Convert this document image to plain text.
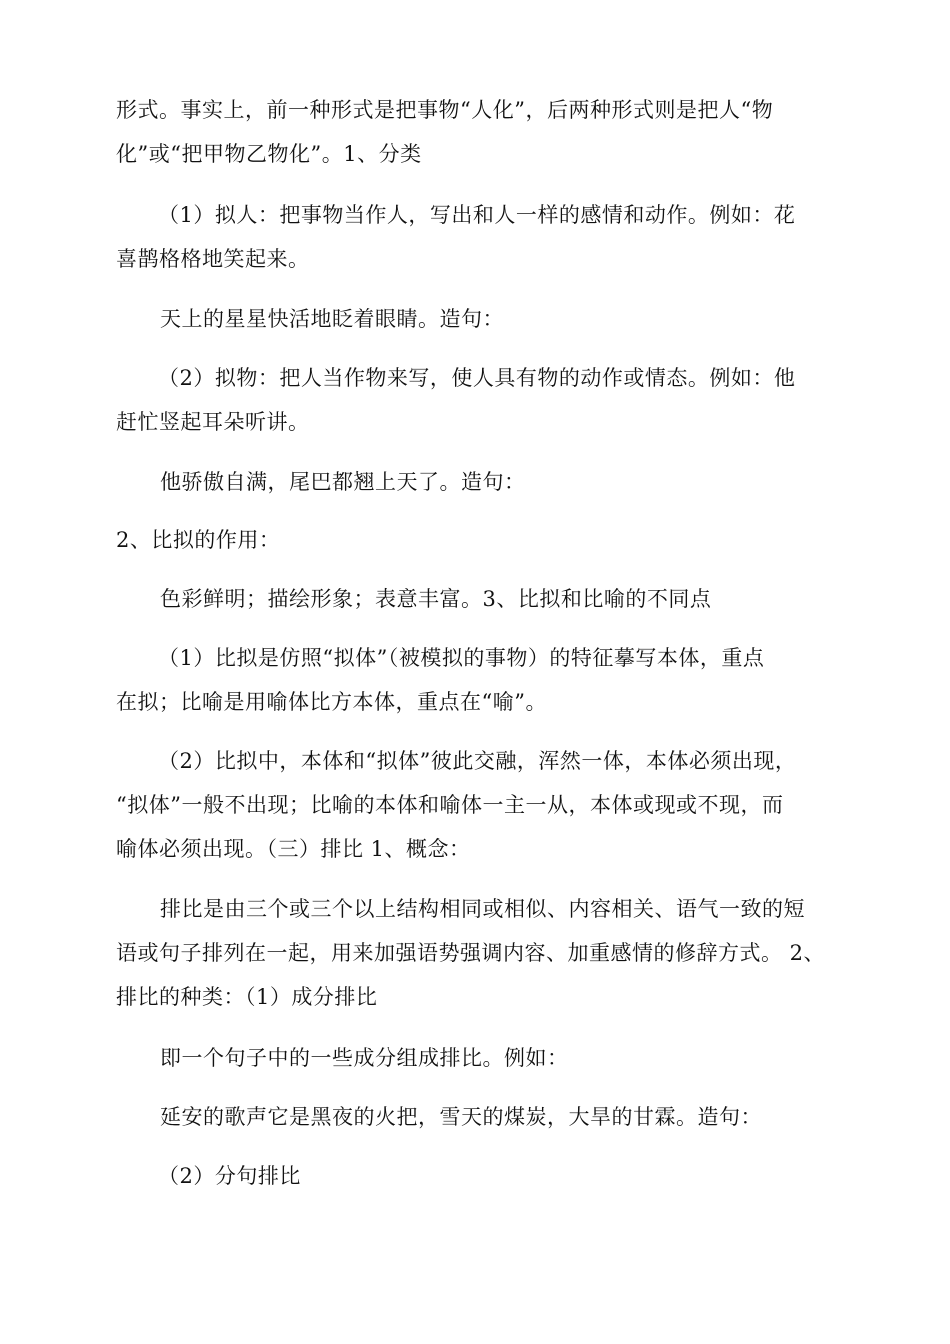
形式。事实上，前一种形式是把事物“人化”，后两种形式则是把人“物
化”或“把甲物乙物化”。1、分类
（1）拟人：把事物当作人，写出和人一样的感情和动作。例如：花
喜鹊格格地笑起来。
天上的星星快活地眨着眼睛。造句：
（2）拟物：把人当作物来写，使人具有物的动作或情态。例如：他
赶忙竖起耳朵听讲。
他骄傲自满，尾巴都翘上天了。造句：
2、比拟的作用：
色彩鲜明；描绘形象；表意丰富。3、比拟和比喻的不同点
（1）比拟是仿照“拟体”（被模拟的事物）的特征摹写本体，重点
在拟；比喻是用喻体比方本体，重点在“喻”。
（2）比拟中，本体和“拟体”彼此交融，浑然一体，本体必须出现，
“拟体”一般不出现；比喻的本体和喻体一主一从，本体或现或不现，而
喻体必须出现。（三）排比 1、概念：
排比是由三个或三个以上结构相同或相似、内容相关、语气一致的短
语或句子排列在一起，用来加强语势强调内容、加重感情的修辞方式。 2、
排比的种类：（1）成分排比
即一个句子中的一些成分组成排比。例如：
延安的歌声它是黑夜的火把，雪天的煤炭，大旱的甘霖。造句：
（2）分句排比
